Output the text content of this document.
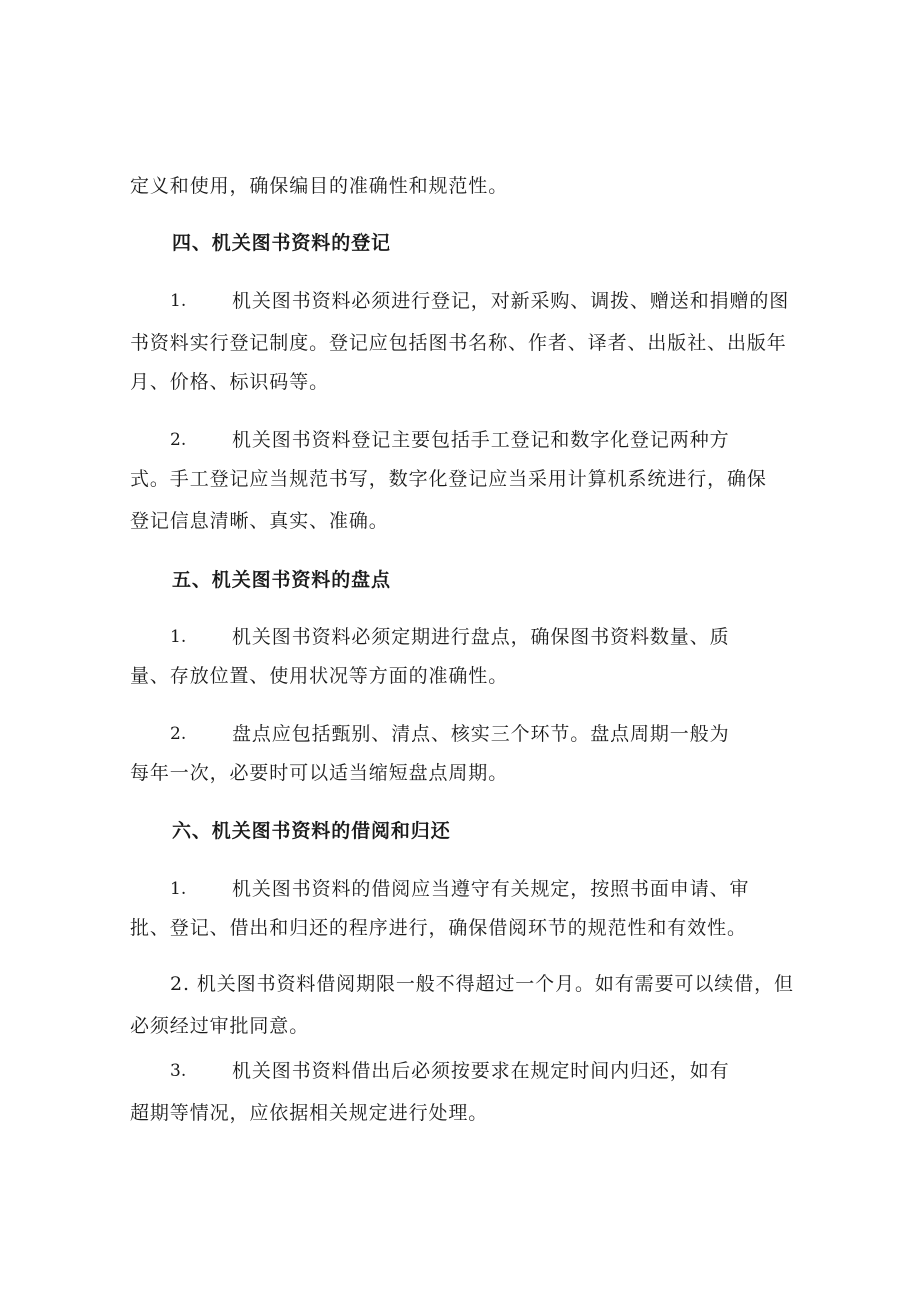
定义和使用，确保编目的准确性和规范性。
四、机关图书资料的登记
1. 机关图书资料必须进行登记，对新采购、调拨、赠送和捐赠的图
书资料实行登记制度。登记应包括图书名称、作者、译者、出版社、出版年
月、价格、标识码等。
2. 机关图书资料登记主要包括手工登记和数字化登记两种方
式。手工登记应当规范书写，数字化登记应当采用计算机系统进行，确保
登记信息清晰、真实、准确。
五、机关图书资料的盘点
1. 机关图书资料必须定期进行盘点，确保图书资料数量、质
量、存放位置、使用状况等方面的准确性。
2. 盘点应包括甄别、清点、核实三个环节。盘点周期一般为
每年一次，必要时可以适当缩短盘点周期。
六、机关图书资料的借阅和归还
1. 机关图书资料的借阅应当遵守有关规定，按照书面申请、审
批、登记、借出和归还的程序进行，确保借阅环节的规范性和有效性。
2. 机关图书资料借阅期限一般不得超过一个月。如有需要可以续借，但
必须经过审批同意。
3. 机关图书资料借出后必须按要求在规定时间内归还，如有
超期等情况，应依据相关规定进行处理。
